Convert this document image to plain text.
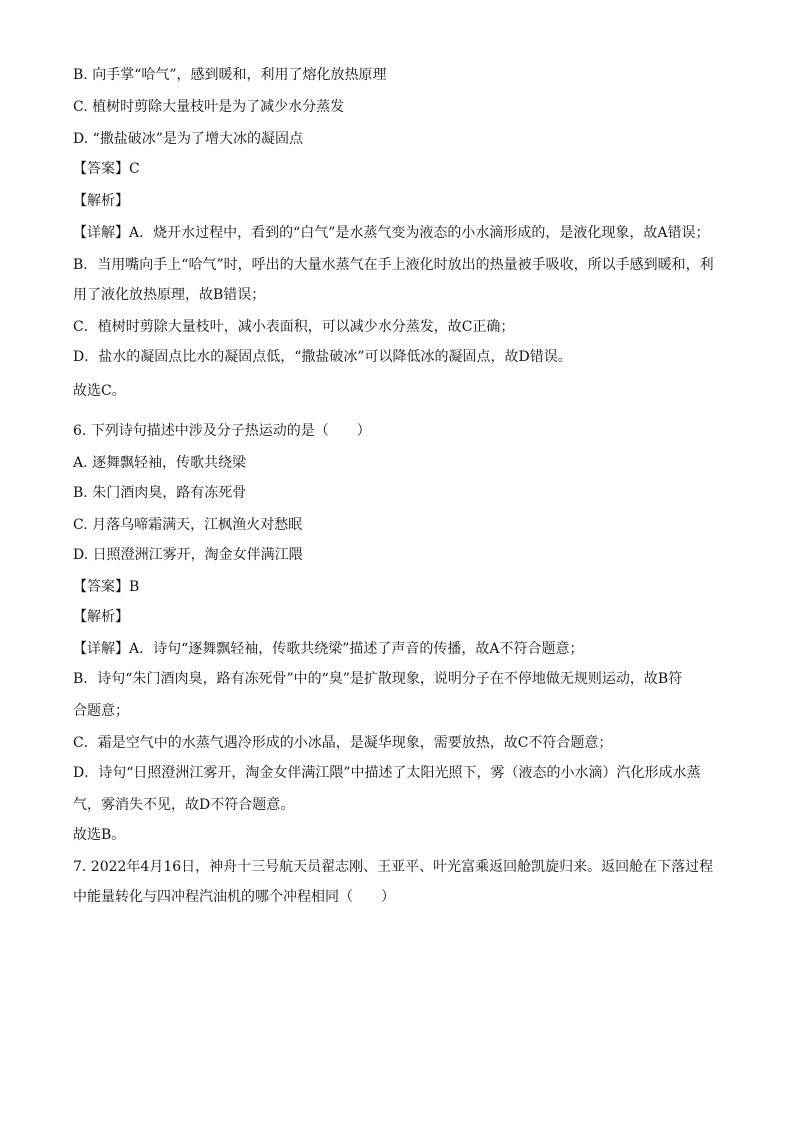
B. 向手掌“哈气”，感到暖和，利用了熔化放热原理
C. 植树时剪除大量枝叶是为了减少水分蒸发
D. “撒盐破冰”是为了增大冰的凝固点
【答案】C
【解析】
【详解】A．烧开水过程中，看到的“白气”是水蒸气变为液态的小水滴形成的，是液化现象，故A错误；
B．当用嘴向手上“哈气”时，呼出的大量水蒸气在手上液化时放出的热量被手吸收，所以手感到暖和，利
用了液化放热原理，故B错误；
C．植树时剪除大量枝叶，减小表面积，可以减少水分蒸发，故C正确；
D．盐水的凝固点比水的凝固点低，“撒盐破冰”可以降低冰的凝固点，故D错误。
故选C。
6. 下列诗句描述中涉及分子热运动的是（　　）
A. 逐舞飘轻袖，传歌共绕梁
B. 朱门酒肉臭，路有冻死骨
C. 月落乌啼霜满天，江枫渔火对愁眠
D. 日照澄洲江雾开，淘金女伴满江隈
【答案】B
【解析】
【详解】A．诗句“逐舞飘轻袖，传歌共绕梁”描述了声音的传播，故A不符合题意；
B．诗句“朱门酒肉臭，路有冻死骨”中的“臭”是扩散现象，说明分子在不停地做无规则运动，故B符
合题意；
C．霜是空气中的水蒸气遇冷形成的小冰晶，是凝华现象，需要放热，故C不符合题意；
D．诗句“日照澄洲江雾开，淘金女伴满江隈”中描述了太阳光照下，雾（液态的小水滴）汽化形成水蒸
气，雾消失不见，故D不符合题意。
故选B。
7. 2022年4月16日，神舟十三号航天员翟志刚、王亚平、叶光富乘返回舱凯旋归来。返回舱在下落过程
中能量转化与四冲程汽油机的哪个冲程相同（　　）
